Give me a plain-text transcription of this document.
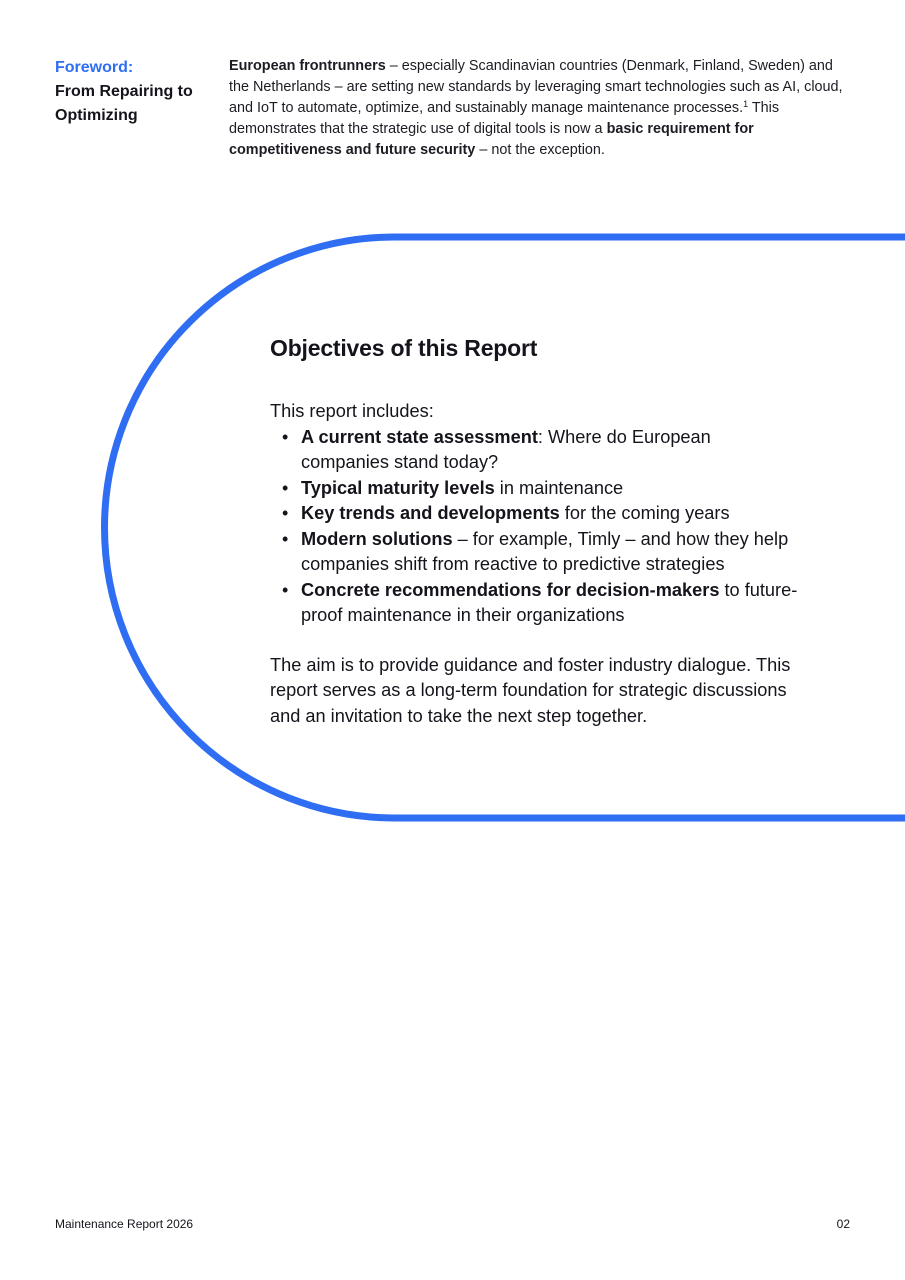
Foreword:
From Repairing to Optimizing
European frontrunners – especially Scandinavian countries (Denmark, Finland, Sweden) and the Netherlands – are setting new standards by leveraging smart technologies such as AI, cloud, and IoT to automate, optimize, and sustainably manage maintenance processes.$^1$ This demonstrates that the strategic use of digital tools is now a basic requirement for competitiveness and future security – not the exception.
Objectives of this Report

This report includes:

• A current state assessment: Where do European companies stand today?
• Typical maturity levels in maintenance
• Key trends and developments for the coming years
• Modern solutions – for example, Timly – and how they help companies shift from reactive to predictive strategies
• Concrete recommendations for decision-makers to future-proof maintenance in their organizations

The aim is to provide guidance and foster industry dialogue. This report serves as a long-term foundation for strategic discussions and an invitation to take the next step together.

Maintenance Report 2026	02
